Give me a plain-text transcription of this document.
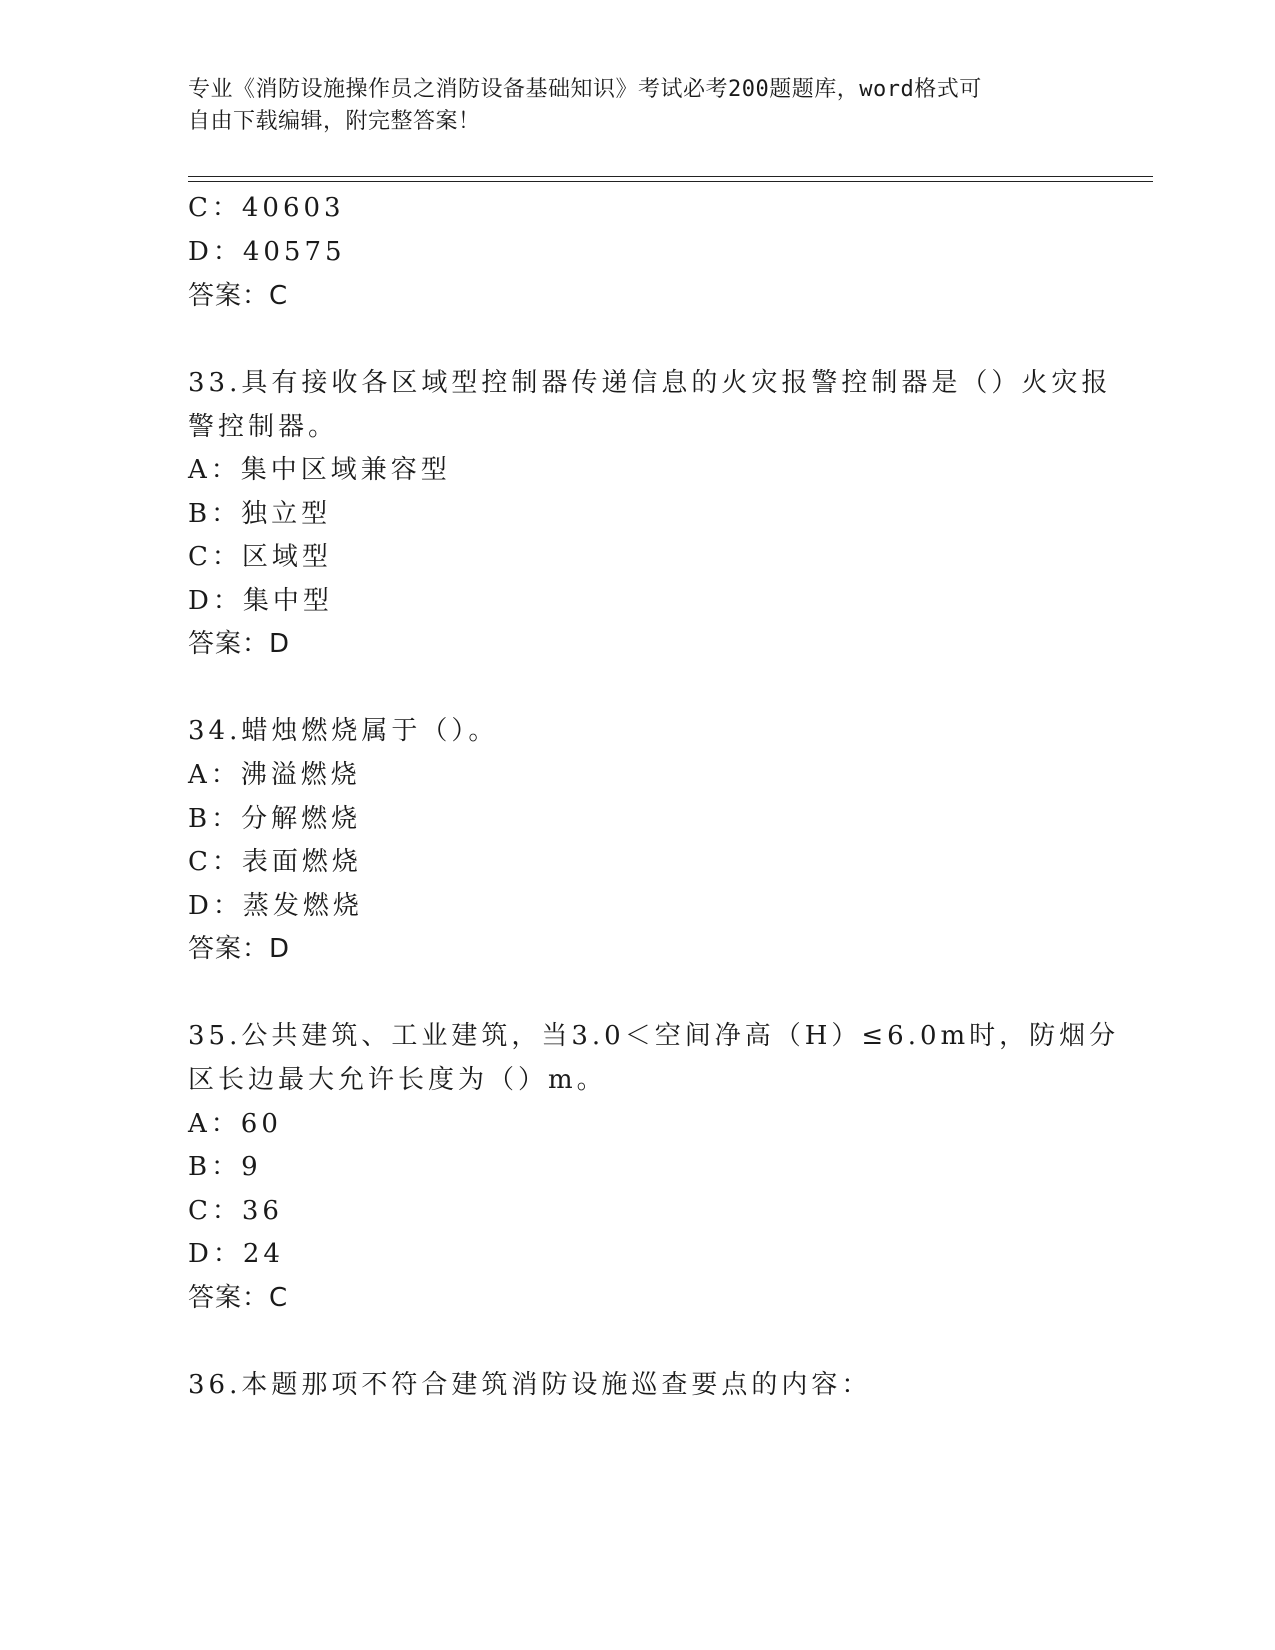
专业《消防设施操作员之消防设备基础知识》考试必考200题题库，word格式可
自由下载编辑，附完整答案！
C：40603
D：40575
答案：C
33.具有接收各区域型控制器传递信息的火灾报警控制器是（）火灾报
警控制器。
A：集中区域兼容型
B：独立型
C：区域型
D：集中型
答案：D
34.蜡烛燃烧属于（）。
A：沸溢燃烧
B：分解燃烧
C：表面燃烧
D：蒸发燃烧
答案：D
35.公共建筑、工业建筑，当3.0＜空间净高（H）≤6.0m时，防烟分
区长边最大允许长度为（）m。
A：60
B：9
C：36
D：24
答案：C
36.本题那项不符合建筑消防设施巡查要点的内容：
